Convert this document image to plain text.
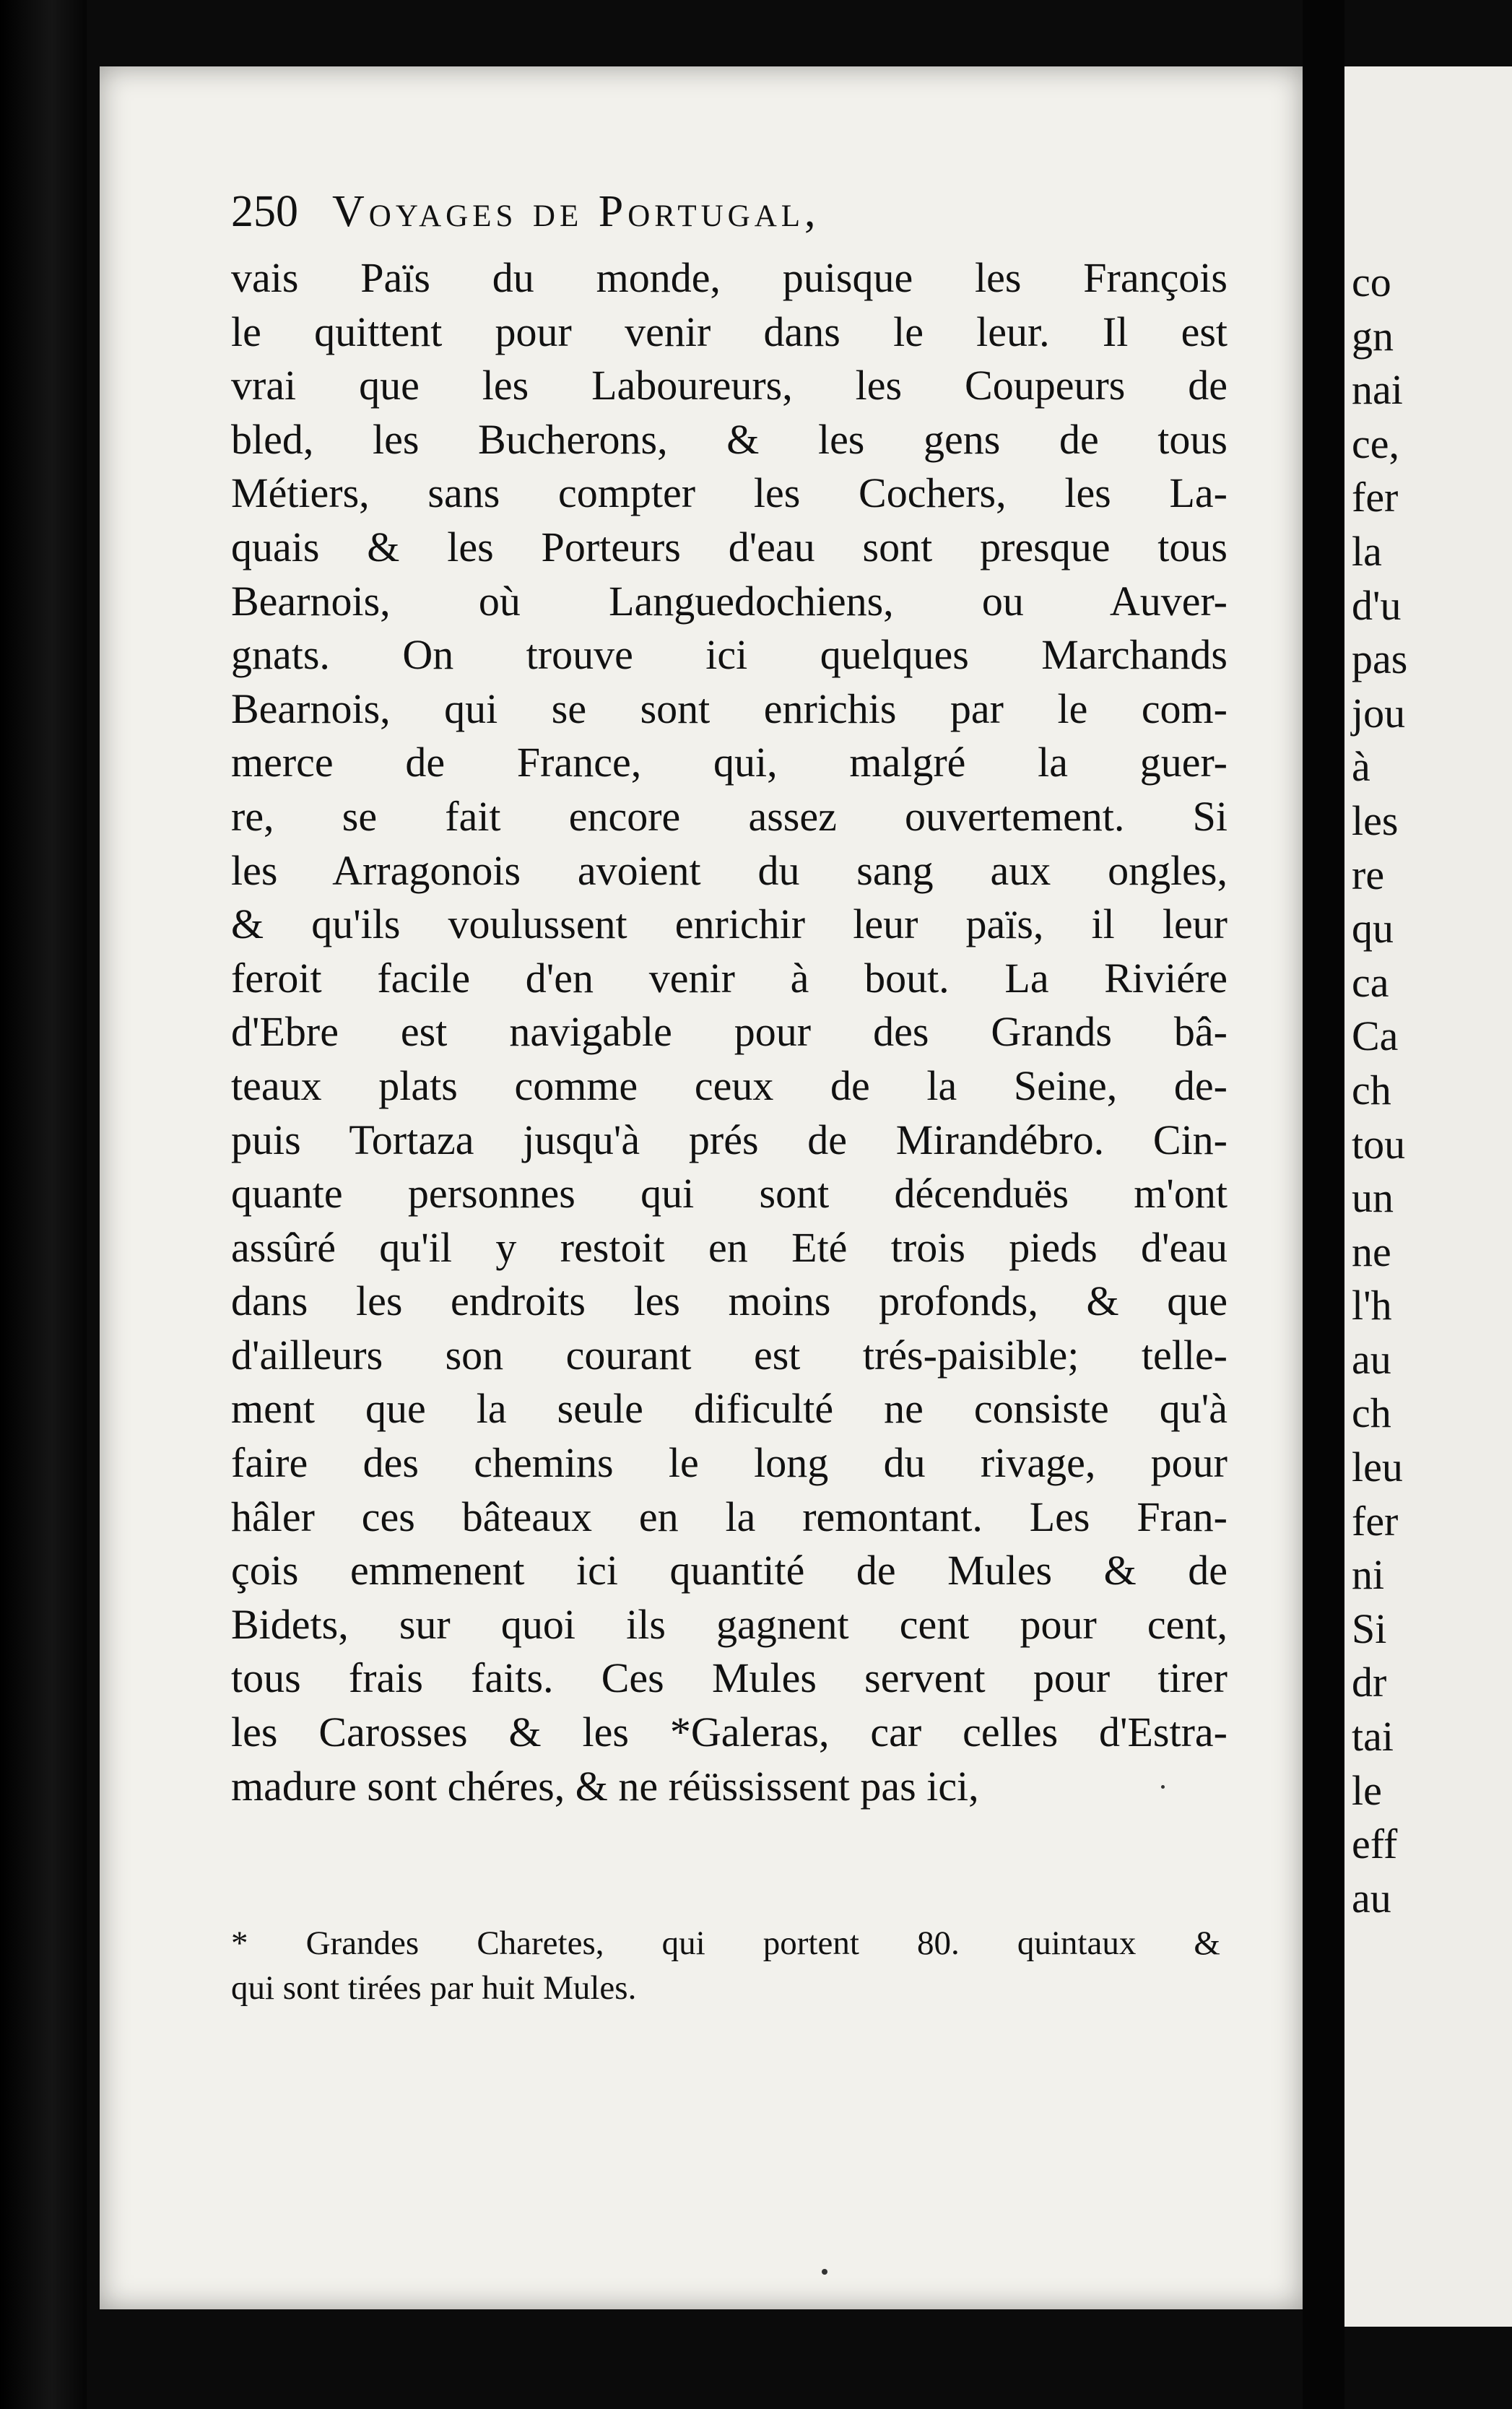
250 Voyages de Portugal,
vais Païs du monde, puisque les François
le quittent pour venir dans le leur. Il est
vrai que les Laboureurs, les Coupeurs de
bled, les Bucherons, & les gens de tous
Métiers, sans compter les Cochers, les La-
quais & les Porteurs d'eau sont presque tous
Bearnois, où Languedochiens, ou Auver-
gnats. On trouve ici quelques Marchands
Bearnois, qui se sont enrichis par le com-
merce de France, qui, malgré la guer-
re, se fait encore assez ouvertement. Si
les Arragonois avoient du sang aux ongles,
& qu'ils voulussent enrichir leur païs, il leur
feroit facile d'en venir à bout. La Riviére
d'Ebre est navigable pour des Grands bâ-
teaux plats comme ceux de la Seine, de-
puis Tortaza jusqu'à prés de Mirandébro. Cin-
quante personnes qui sont décenduës m'ont
assûré qu'il y restoit en Eté trois pieds d'eau
dans les endroits les moins profonds, & que
d'ailleurs son courant est trés-paisible; telle-
ment que la seule dificulté ne consiste qu'à
faire des chemins le long du rivage, pour
hâler ces bâteaux en la remontant. Les Fran-
çois emmenent ici quantité de Mules & de
Bidets, sur quoi ils gagnent cent pour cent,
tous frais faits. Ces Mules servent pour tirer
les Carosses & les *Galeras, car celles d'Estra-
madure sont chéres, & ne réüssissent pas ici,
* Grandes Charetes, qui portent 80. quintaux &
qui sont tirées par huit Mules.
co
gn
nai
ce,
fer
la
d'u
pas
jou
à
les
re
qu
ca
Ca
ch
tou
un
ne
l'h
au
ch
leu
fer
ni
Si
dr
tai
le
eff
au
